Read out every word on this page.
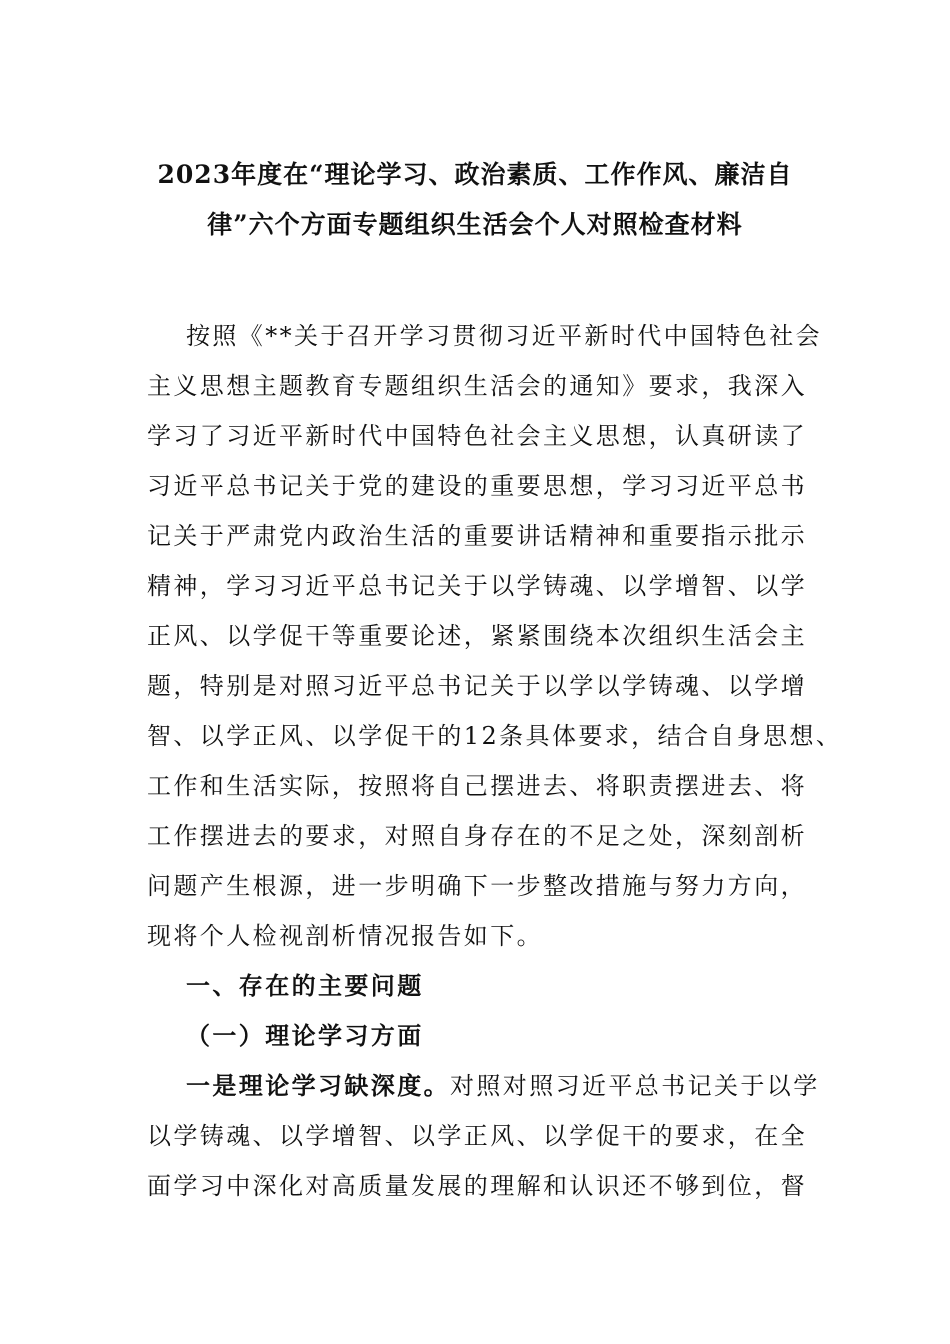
2023年度在“理论学习、政治素质、工作作风、廉洁自
律”六个方面专题组织生活会个人对照检查材料
按照《**关于召开学习贯彻习近平新时代中国特色社会
主义思想主题教育专题组织生活会的通知》要求，我深入
学习了习近平新时代中国特色社会主义思想，认真研读了
习近平总书记关于党的建设的重要思想，学习习近平总书
记关于严肃党内政治生活的重要讲话精神和重要指示批示
精神，学习习近平总书记关于以学铸魂、以学增智、以学
正风、以学促干等重要论述，紧紧围绕本次组织生活会主
题，特别是对照习近平总书记关于以学以学铸魂、以学增
智、以学正风、以学促干的12条具体要求，结合自身思想、
工作和生活实际，按照将自己摆进去、将职责摆进去、将
工作摆进去的要求，对照自身存在的不足之处，深刻剖析
问题产生根源，进一步明确下一步整改措施与努力方向，
现将个人检视剖析情况报告如下。
一、存在的主要问题
（一）理论学习方面
一是理论学习缺深度。对照对照习近平总书记关于以学
以学铸魂、以学增智、以学正风、以学促干的要求，在全
面学习中深化对高质量发展的理解和认识还不够到位，督
